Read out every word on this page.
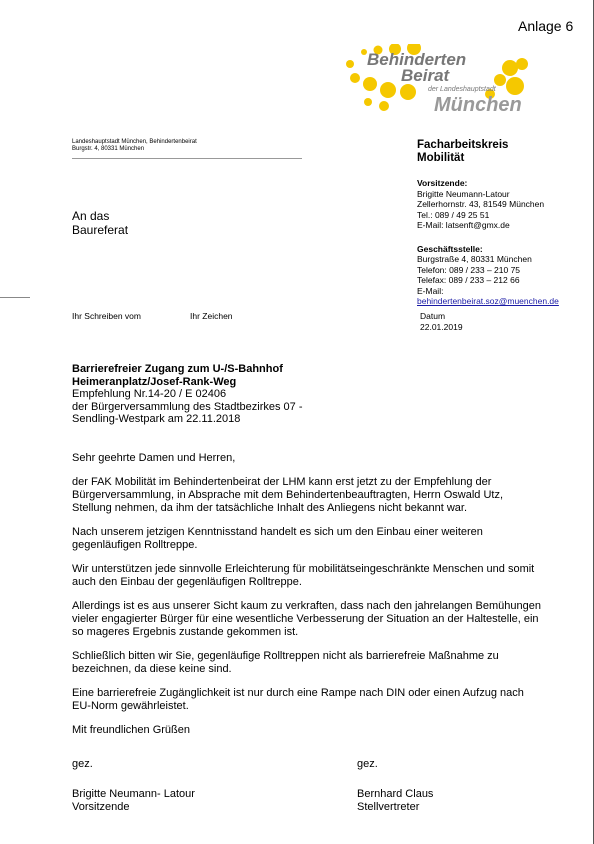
Anlage 6
Behinderten
Beirat
der Landeshauptstadt
München
Landeshauptstadt München, Behindertenbeirat
Burgstr. 4, 80331 München
An das
Baureferat
Facharbeitskreis
Mobilität
Vorsitzende:
Brigitte Neumann-Latour
Zellerhornstr. 43, 81549 München
Tel.: 089 / 49 25 51
E-Mail: latsenft@gmx.de
Geschäftsstelle:
Burgstraße 4, 80331 München
Telefon: 089 / 233 – 210 75
Telefax: 089 / 233 – 212 66
E-Mail:
behindertenbeirat.soz@muenchen.de
Ihr Schreiben vom	Ihr Zeichen	Datum
22.01.2019
Barrierefreier Zugang zum U-/S-Bahnhof
Heimeranplatz/Josef-Rank-Weg
Empfehlung Nr.14-20 / E 02406
der Bürgerversammlung des Stadtbezirkes 07 -
Sendling-Westpark am 22.11.2018

Sehr geehrte Damen und Herren,

der FAK Mobilität im Behindertenbeirat der LHM kann erst jetzt zu der Empfehlung der Bürgerversammlung, in Absprache mit dem Behindertenbeauftragten, Herrn Oswald Utz, Stellung nehmen, da ihm der tatsächliche Inhalt des Anliegens nicht bekannt war.

Nach unserem jetzigen Kenntnisstand handelt es sich um den Einbau einer weiteren gegenläufigen Rolltreppe.

Wir unterstützen jede sinnvolle Erleichterung für mobilitätseingeschränkte Menschen und somit auch den Einbau der gegenläufigen Rolltreppe.

Allerdings ist es aus unserer Sicht kaum zu verkraften, dass nach den jahrelangen Bemühungen vieler engagierter Bürger für eine wesentliche Verbesserung der Situation an der Haltestelle, ein so mageres Ergebnis zustande gekommen ist.

Schließlich bitten wir Sie, gegenläufige Rolltreppen nicht als barrierefreie Maßnahme zu bezeichnen, da diese keine sind.

Eine barrierefreie Zugänglichkeit ist nur durch eine Rampe nach DIN oder einen Aufzug nach EU-Norm gewährleistet.

Mit freundlichen Grüßen

gez.
Brigitte Neumann- Latour
Vorsitzende
gez.
Bernhard Claus
Stellvertreter
